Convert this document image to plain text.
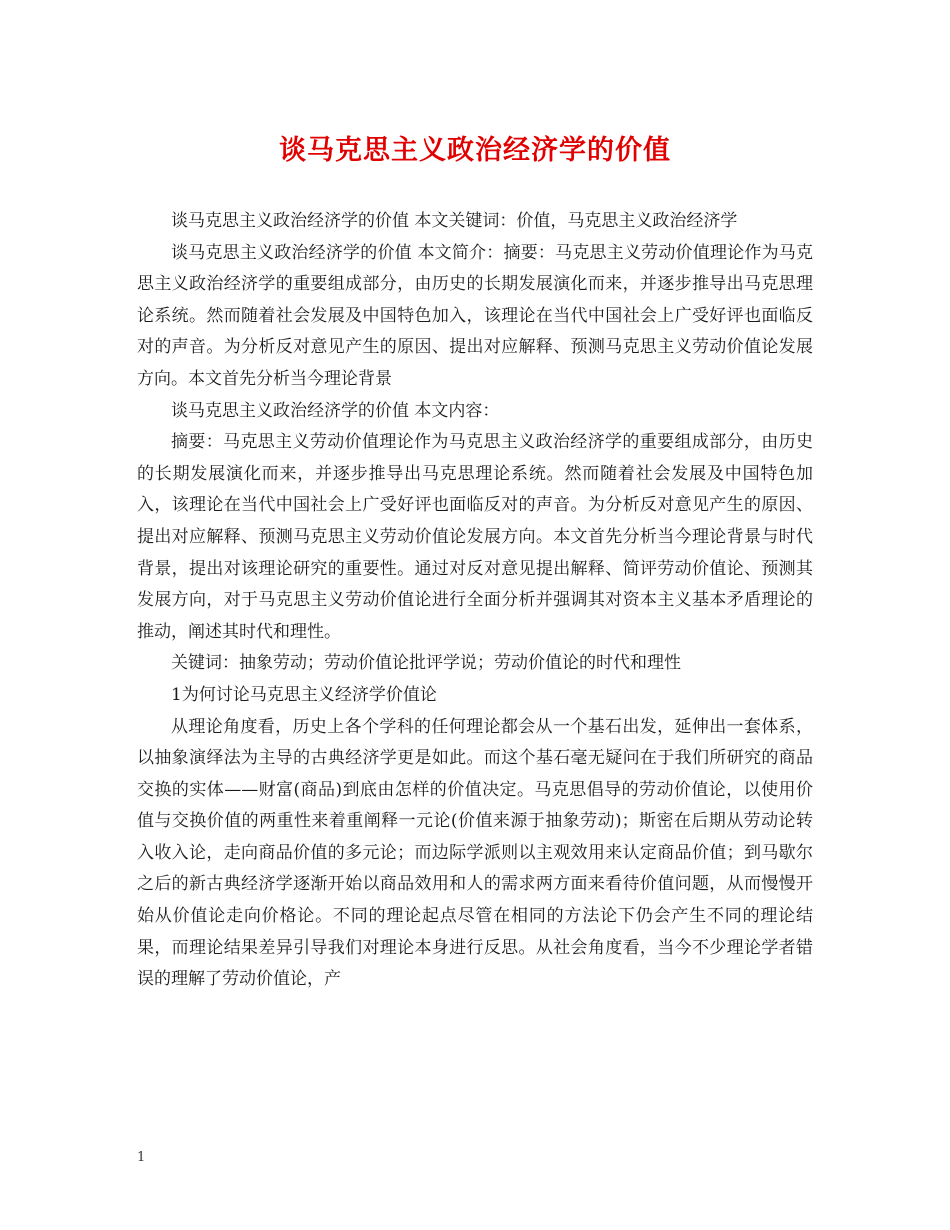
谈马克思主义政治经济学的价值

谈马克思主义政治经济学的价值 本文关键词：价值，马克思主义政治经济学

谈马克思主义政治经济学的价值 本文简介：摘要：马克思主义劳动价值理论作为马克思主义政治经济学的重要组成部分，由历史的长期发展演化而来，并逐步推导出马克思理论系统。然而随着社会发展及中国特色加入，该理论在当代中国社会上广受好评也面临反对的声音。为分析反对意见产生的原因、提出对应解释、预测马克思主义劳动价值论发展方向。本文首先分析当今理论背景

谈马克思主义政治经济学的价值 本文内容：

摘要：马克思主义劳动价值理论作为马克思主义政治经济学的重要组成部分，由历史的长期发展演化而来，并逐步推导出马克思理论系统。然而随着社会发展及中国特色加入，该理论在当代中国社会上广受好评也面临反对的声音。为分析反对意见产生的原因、提出对应解释、预测马克思主义劳动价值论发展方向。本文首先分析当今理论背景与时代背景，提出对该理论研究的重要性。通过对反对意见提出解释、简评劳动价值论、预测其发展方向，对于马克思主义劳动价值论进行全面分析并强调其对资本主义基本矛盾理论的推动，阐述其时代和理性。

关键词：抽象劳动；劳动价值论批评学说；劳动价值论的时代和理性

1为何讨论马克思主义经济学价值论

从理论角度看，历史上各个学科的任何理论都会从一个基石出发，延伸出一套体系，以抽象演绎法为主导的古典经济学更是如此。而这个基石毫无疑问在于我们所研究的商品交换的实体——财富(商品)到底由怎样的价值决定。马克思倡导的劳动价值论，以使用价值与交换价值的两重性来着重阐释一元论(价值来源于抽象劳动)；斯密在后期从劳动论转入收入论，走向商品价值的多元论；而边际学派则以主观效用来认定商品价值；到马歇尔之后的新古典经济学逐渐开始以商品效用和人的需求两方面来看待价值问题，从而慢慢开始从价值论走向价格论。不同的理论起点尽管在相同的方法论下仍会产生不同的理论结果，而理论结果差异引导我们对理论本身进行反思。从社会角度看，当今不少理论学者错误的理解了劳动价值论，产

1
